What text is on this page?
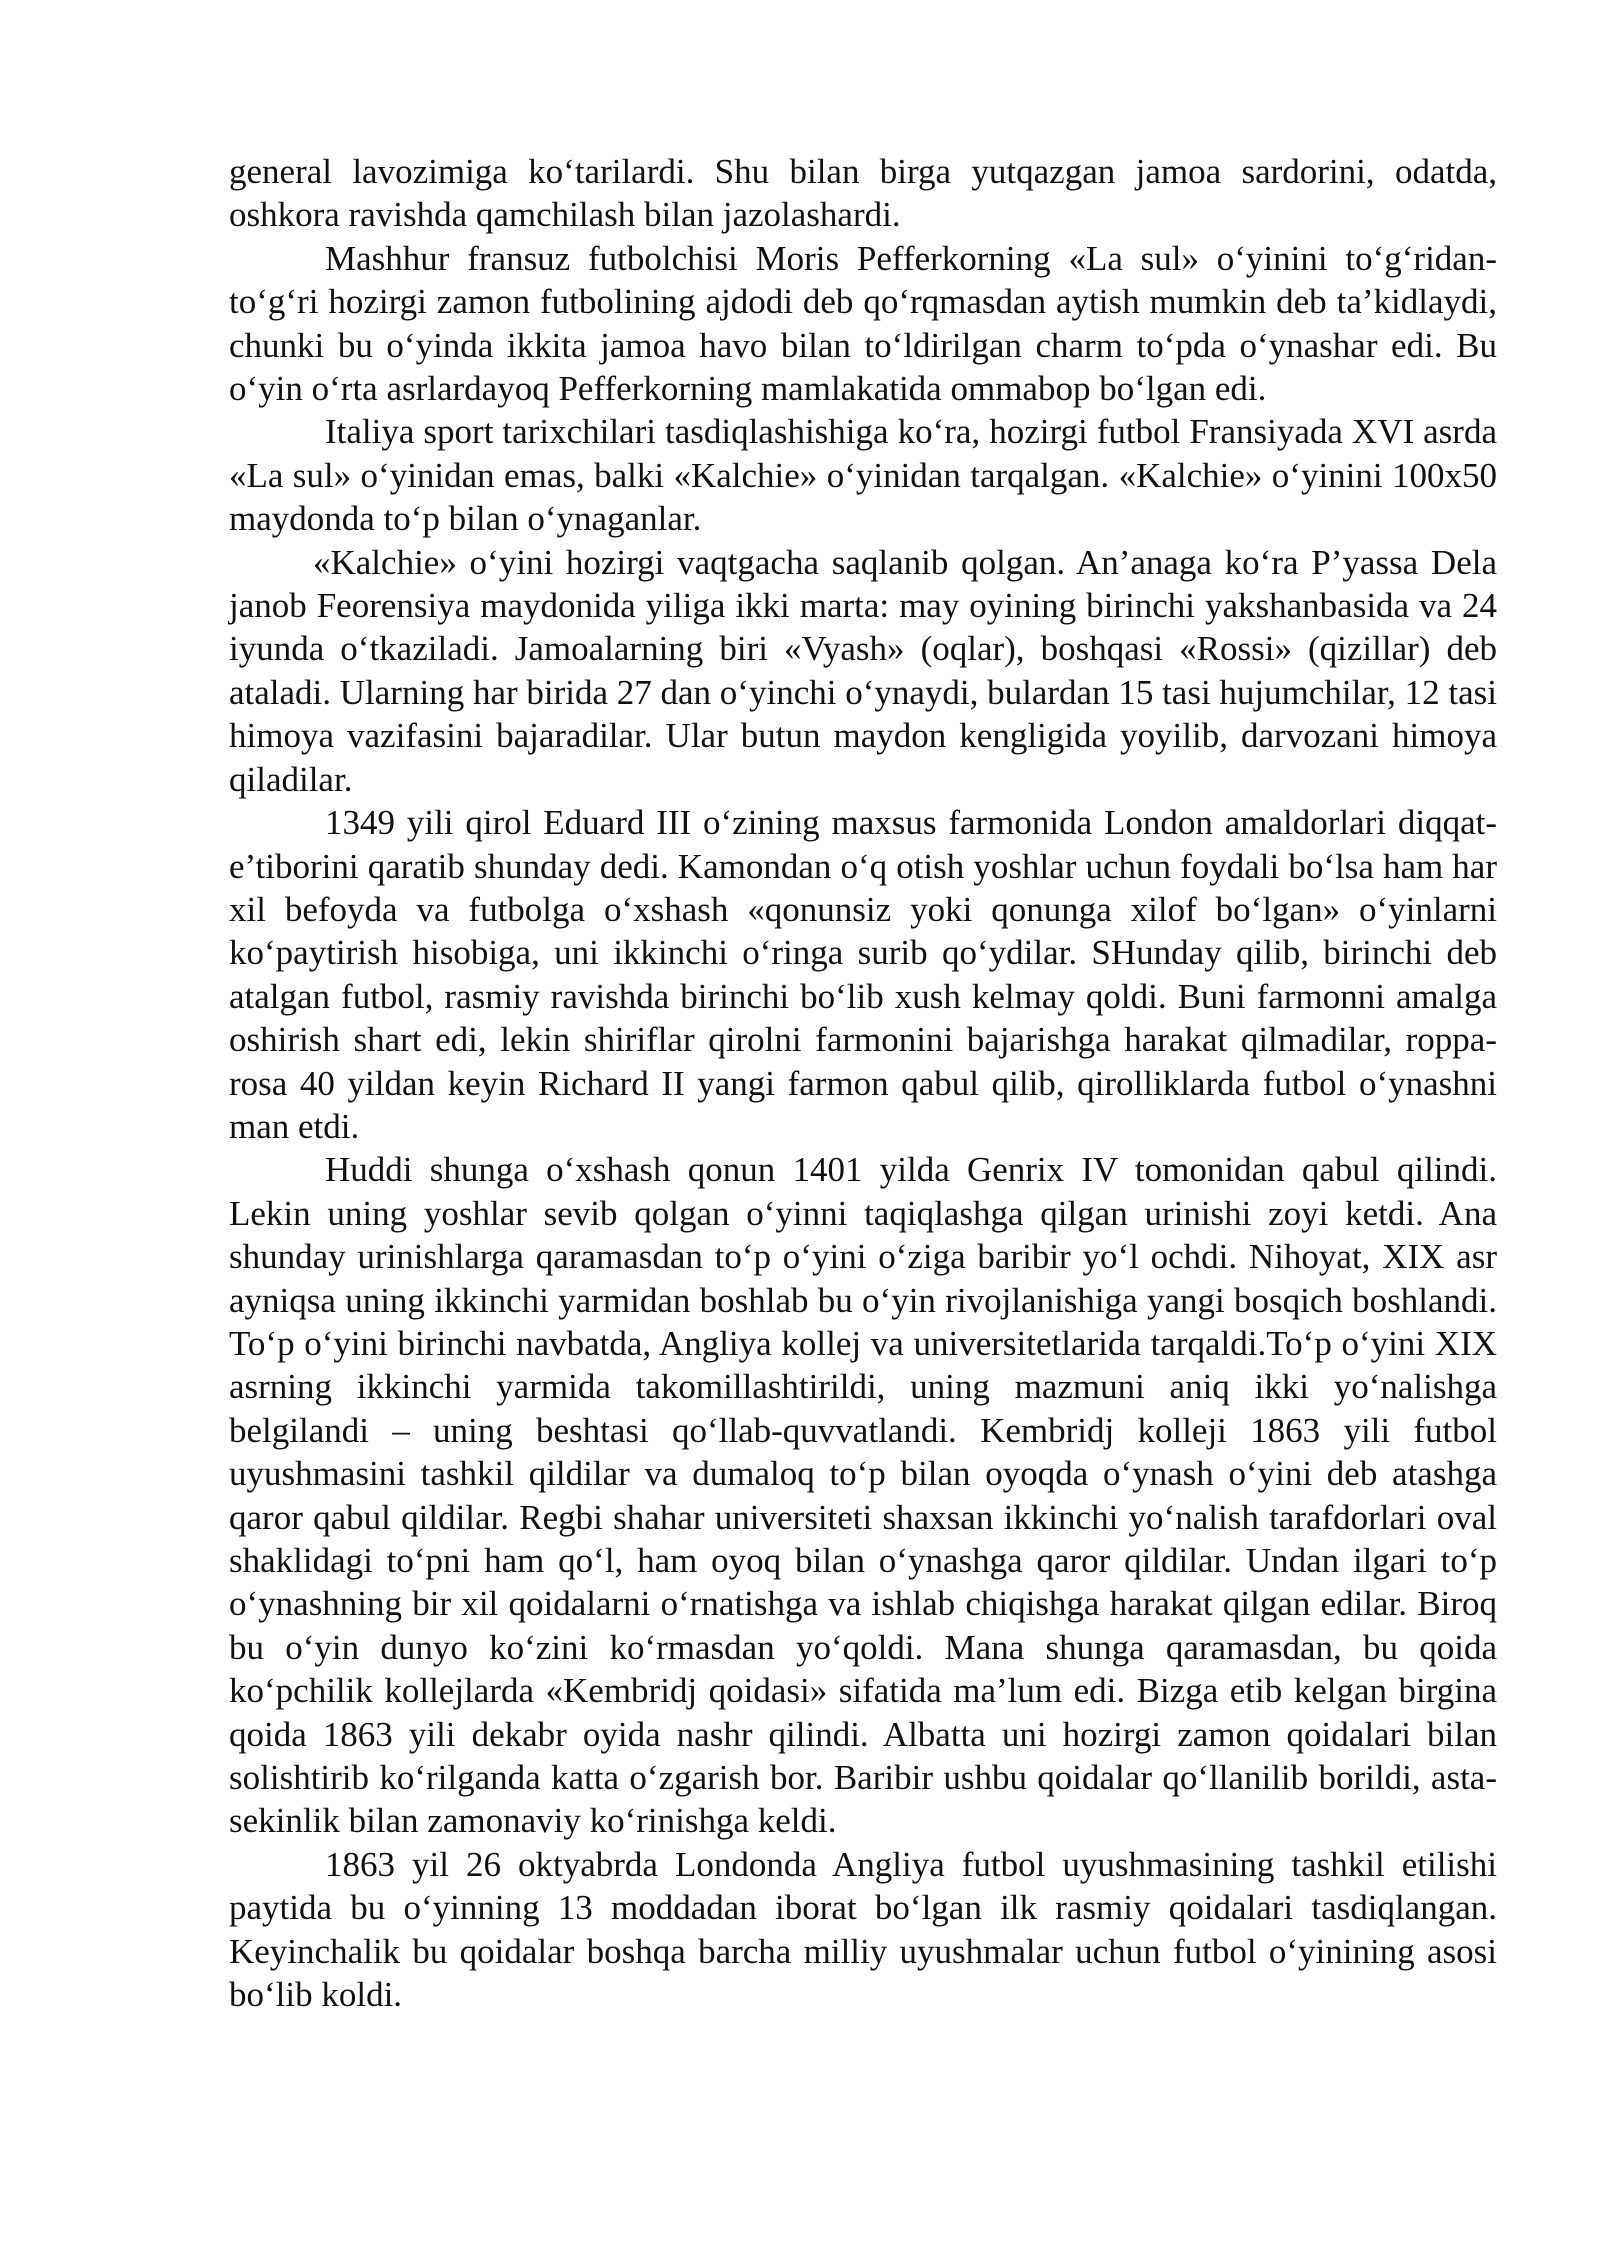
general lavozimiga ko‘tarilardi. Shu bilan birga yutqazgan jamoa sardorini, odatda, oshkora ravishda qamchilash bilan jazolashardi.

Mashhur fransuz futbolchisi Moris Pefferkorning «La sul» o‘yinini to‘g‘ridan-to‘g‘ri hozirgi zamon futbolining ajdodi deb qo‘rqmasdan aytish mumkin deb ta’kidlaydi, chunki bu o‘yinda ikkita jamoa havo bilan to‘ldirilgan charm to‘pda o‘ynashar edi. Bu o‘yin o‘rta asrlardayoq Pefferkorning mamlakatida ommabop bo‘lgan edi.

Italiya sport tarixchilari tasdiqlashishiga ko‘ra, hozirgi futbol Fransiyada XVI asrda «La sul» o‘yinidan emas, balki «Kalchie» o‘yinidan tarqalgan. «Kalchie» o‘yinini 100x50 maydonda to‘p bilan o‘ynaganlar.

«Kalchie» o‘yini hozirgi vaqtgacha saqlanib qolgan. An’anaga ko‘ra P’yassa Dela janob Feorensiya maydonida yiliga ikki marta: may oyining birinchi yakshanbasida va 24 iyunda o‘tkaziladi. Jamoalarning biri «Vyash» (oqlar), boshqasi «Rossi» (qizillar) deb ataladi. Ularning har birida 27 dan o‘yinchi o‘ynaydi, bulardan 15 tasi hujumchilar, 12 tasi himoya vazifasini bajaradilar. Ular butun maydon kengligida yoyilib, darvozani himoya qiladilar.

1349 yili qirol Eduard III o‘zining maxsus farmonida London amaldorlari diqqat-e’tiborini qaratib shunday dedi. Kamondan o‘q otish yoshlar uchun foydali bo‘lsa ham har xil befoyda va futbolga o‘xshash «qonunsiz yoki qonunga xilof bo‘lgan» o‘yinlarni ko‘paytirish hisobiga, uni ikkinchi o‘ringa surib qo‘ydilar. SHunday qilib, birinchi deb atalgan futbol, rasmiy ravishda birinchi bo‘lib xush kelmay qoldi. Buni farmonni amalga oshirish shart edi, lekin shiriflar qirolni farmonini bajarishga harakat qilmadilar, roppa-rosa 40 yildan keyin Richard II yangi farmon qabul qilib, qirolliklarda futbol o‘ynashni man etdi.

Huddi shunga o‘xshash qonun 1401 yilda Genrix IV tomonidan qabul qilindi. Lekin uning yoshlar sevib qolgan o‘yinni taqiqlashga qilgan urinishi zoyi ketdi. Ana shunday urinishlarga qaramasdan to‘p o‘yini o‘ziga baribir yo‘l ochdi. Nihoyat, XIX asr ayniqsa uning ikkinchi yarmidan boshlab bu o‘yin rivojlanishiga yangi bosqich boshlandi. To‘p o‘yini birinchi navbatda, Angliya kollej va universitetlarida tarqaldi.To‘p o‘yini XIX asrning ikkinchi yarmida takomillashtirildi, uning mazmuni aniq ikki yo‘nalishga belgilandi – uning beshtasi qo‘llab-quvvatlandi. Kembridj kolleji 1863 yili futbol uyushmasini tashkil qildilar va dumaloq to‘p bilan oyoqda o‘ynash o‘yini deb atashga qaror qabul qildilar. Regbi shahar universiteti shaxsan ikkinchi yo‘nalish tarafdorlari oval shaklidagi to‘pni ham qo‘l, ham oyoq bilan o‘ynashga qaror qildilar. Undan ilgari to‘p o‘ynashning bir xil qoidalarni o‘rnatishga va ishlab chiqishga harakat qilgan edilar. Biroq bu o‘yin dunyo ko‘zini ko‘rmasdan yo‘qoldi. Mana shunga qaramasdan, bu qoida ko‘pchilik kollejlarda «Kembridj qoidasi» sifatida ma’lum edi. Bizga etib kelgan birgina qoida 1863 yili dekabr oyida nashr qilindi. Albatta uni hozirgi zamon qoidalari bilan solishtirib ko‘rilganda katta o‘zgarish bor. Baribir ushbu qoidalar qo‘llanilib borildi, asta-sekinlik bilan zamonaviy ko‘rinishga keldi.

1863 yil 26 oktyabrda Londonda Angliya futbol uyushmasining tashkil etilishi paytida bu o‘yinning 13 moddadan iborat bo‘lgan ilk rasmiy qoidalari tasdiqlangan. Keyinchalik bu qoidalar boshqa barcha milliy uyushmalar uchun futbol o‘yinining asosi bo‘lib koldi.
